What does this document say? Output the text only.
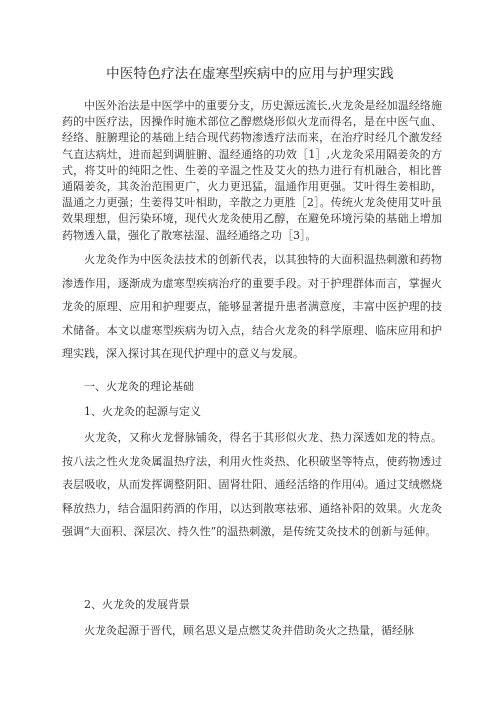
中医特色疗法在虚寒型疾病中的应用与护理实践

中医外治法是中医学中的重要分支，历史源远流长,火龙灸是经加温经络施药的中医疗法，因操作时施术部位乙醇燃烧形似火龙而得名，是在中医气血、经络、脏腑理论的基础上结合现代药物渗透疗法而来，在治疗时经几个激发经气直达病灶，进而起到调脏腑、温经通络的功效［1］,火龙灸采用隔姜灸的方式，将艾叶的纯阳之性、生姜的辛温之性及艾火的热力进行有机融合，相比普通隔姜灸，其灸治范围更广，火力更迅猛，温通作用更强。艾叶得生姜相助，温通之力更强；生姜得艾叶相助，辛散之力更胜［2］。传统火龙灸使用艾叶虽效果理想，但污染环境，现代火龙灸使用乙醇，在避免环境污染的基础上增加药物透入量，强化了散寒祛湿、温经通络之功［3］。

火龙灸作为中医灸法技术的创新代表，以其独特的大面积温热刺激和药物渗透作用，逐渐成为虚寒型疾病治疗的重要手段。对于护理群体而言，掌握火龙灸的原理、应用和护理要点，能够显著提升患者满意度，丰富中医护理的技术储备。本文以虚寒型疾病为切入点，结合火龙灸的科学原理、临床应用和护理实践，深入探讨其在现代护理中的意义与发展。

一、火龙灸的理论基础
1、火龙灸的起源与定义

火龙灸，又称火龙督脉铺灸，得名于其形似火龙、热力深透如龙的特点。按八法之性火龙灸属温热疗法，利用火性炎热、化积破坚等特点，使药物透过表层吸收，从而发挥调整阴阳、固肾壮阳、通经活络的作用⑷。通过艾绒燃烧释放热力，结合温阳药酒的作用，以达到散寒祛邪、通络补阳的效果。火龙灸强调“大面积、深层次、持久性”的温热刺激，是传统艾灸技术的创新与延伸。

2、火龙灸的发展背景

火龙灸起源于晋代，顾名思义是点燃艾灸并借助灸火之热量，循经脉
